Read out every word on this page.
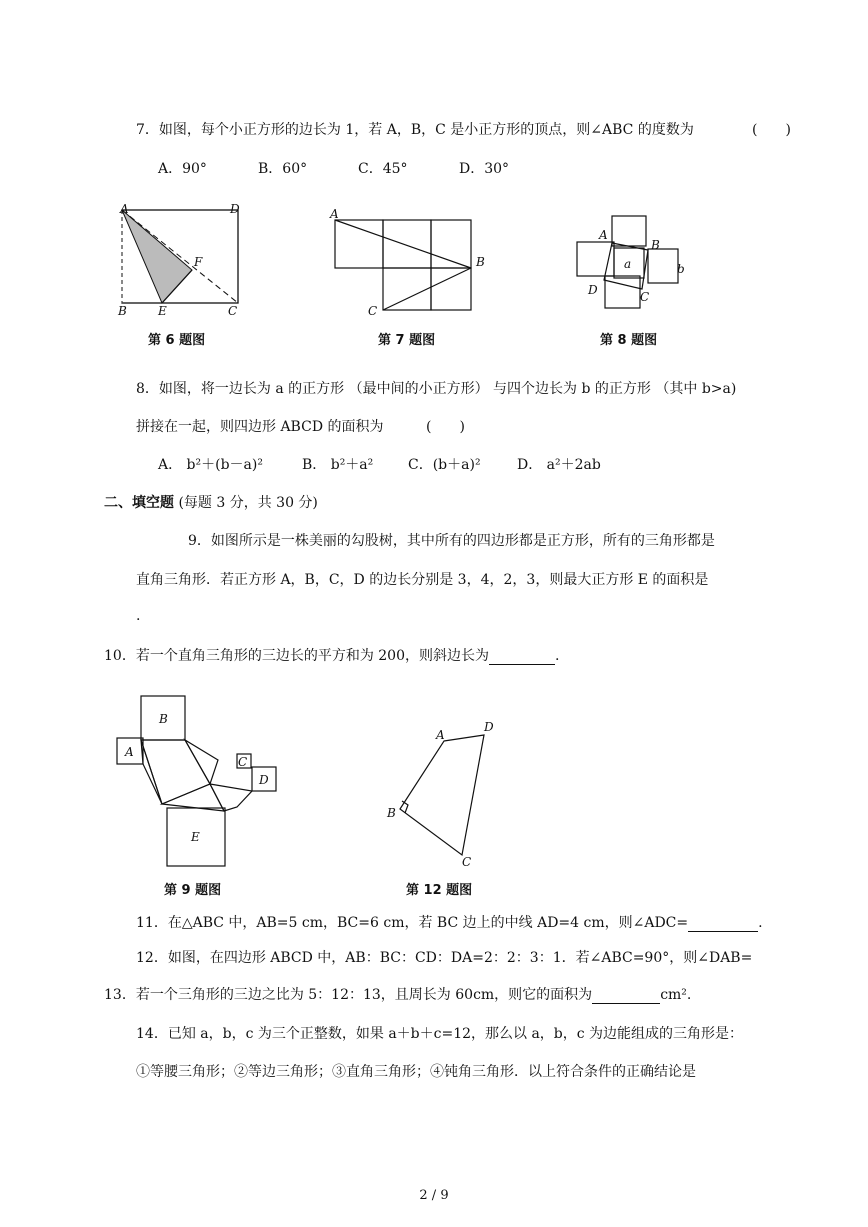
7．如图，每个小正方形的边长为 1，若 A，B，C 是小正方形的顶点，则∠ABC 的度数为	(　　)
A．90°	B．60°	C．45°	D．30°
A	D
F
B	E	C
第 6 题图
A
B
C
第 7 题图
A
B
a	b
D	C
第 8 题图
8．如图，将一边长为 a 的正方形 （最中间的小正方形） 与四个边长为 b 的正方形 （其中 b>a)
拼接在一起，则四边形 ABCD 的面积为	(　　)
A． b²＋(b－a)²	B． b²＋a² C．(b＋a)²	D． a²＋2ab
二、填空题 (每题 3 分，共 30 分)
9．如图所示是一株美丽的勾股树，其中所有的四边形都是正方形，所有的三角形都是
直角三角形．若正方形 A，B，C，D 的边长分别是 3，4，2，3，则最大正方形 E 的面积是
.
10．若一个直角三角形的三边长的平方和为 200，则斜边长为	.
B
A
C
D
E
第 9 题图
A
D
B
C
第 12 题图
11．在△ABC 中，AB=5 cm，BC=6 cm，若 BC 边上的中线 AD=4 cm，则∠ADC=	.
12．如图，在四边形 ABCD 中，AB：BC：CD：DA=2：2：3：1．若∠ABC=90°，则∠DAB=
13．若一个三角形的三边之比为 5：12：13，且周长为 60cm，则它的面积为	cm².
14．已知 a，b，c 为三个正整数，如果 a＋b＋c=12，那么以 a，b，c 为边能组成的三角形是：
①等腰三角形；②等边三角形；③直角三角形；④钝角三角形．以上符合条件的正确结论是
2 / 9
